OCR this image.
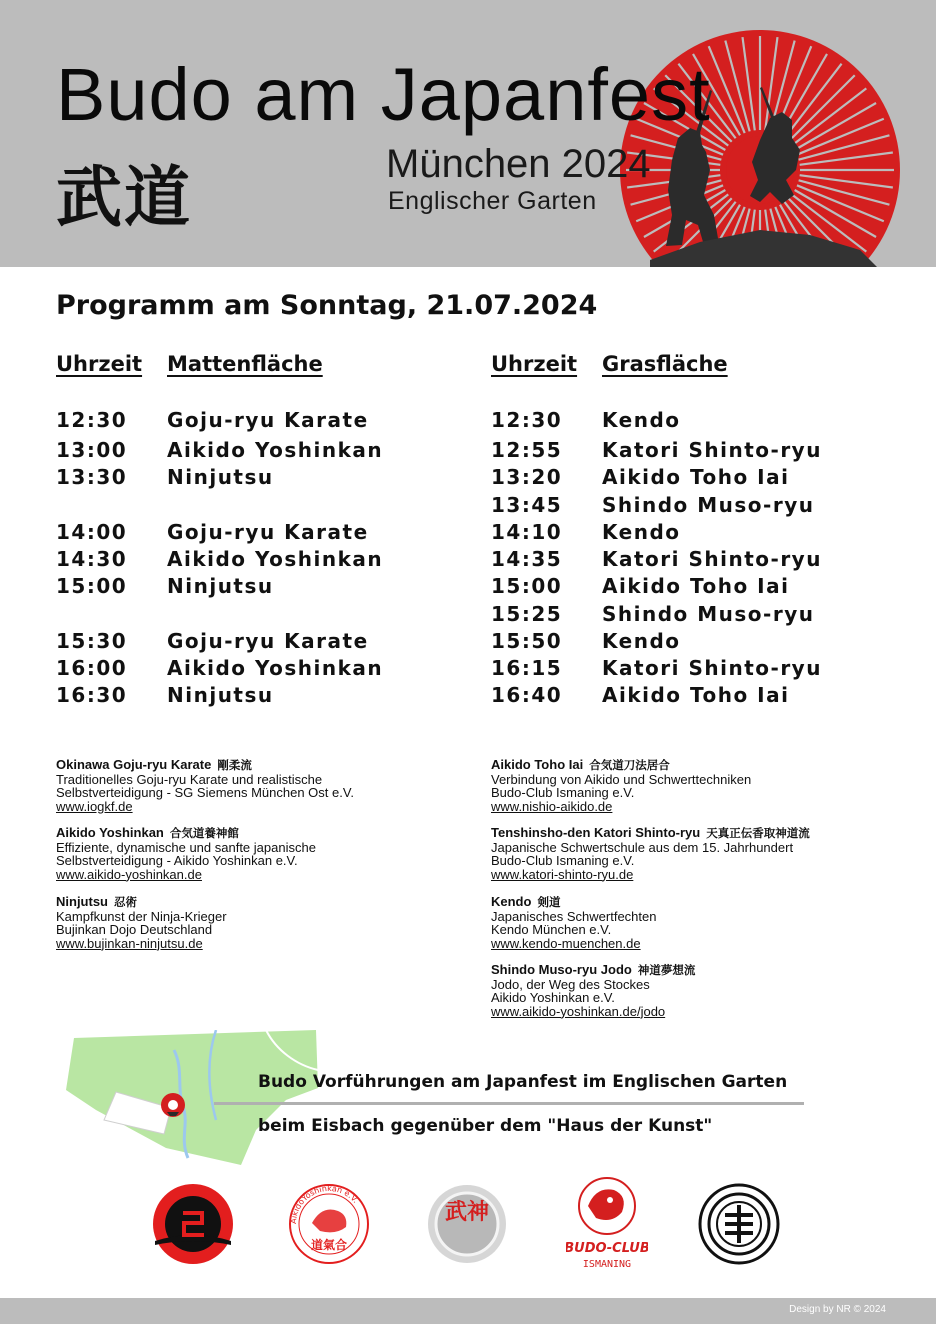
Budo am Japanfest
武道	München 2024
Englischer Garten
Programm am Sonntag, 21.07.2024
Uhrzeit Mattenfläche	Uhrzeit Grasfläche
12:30 Goju-ryu Karate
13:00 Aikido Yoshinkan
13:30 Ninjutsu
14:00 Goju-ryu Karate
14:30 Aikido Yoshinkan
15:00 Ninjutsu
15:30 Goju-ryu Karate
16:00 Aikido Yoshinkan
16:30 Ninjutsu
12:30 Kendo
12:55 Katori Shinto-ryu
13:20 Aikido Toho Iai
13:45 Shindo Muso-ryu
14:10 Kendo
14:35 Katori Shinto-ryu
15:00 Aikido Toho Iai
15:25 Shindo Muso-ryu
15:50 Kendo
16:15 Katori Shinto-ryu
16:40 Aikido Toho Iai
Okinawa Goju-ryu Karate 剛柔流
Traditionelles Goju-ryu Karate und realistische
Selbstverteidigung - SG Siemens München Ost e.V.
www.iogkf.de
Aikido Yoshinkan 合気道養神館
Effiziente, dynamische und sanfte japanische
Selbstverteidigung - Aikido Yoshinkan e.V.
www.aikido-yoshinkan.de
Ninjutsu 忍術
Kampfkunst der Ninja-Krieger
Bujinkan Dojo Deutschland
www.bujinkan-ninjutsu.de
Aikido Toho Iai 合気道刀法居合
Verbindung von Aikido und Schwerttechniken
Budo-Club Ismaning e.V.
www.nishio-aikido.de
Tenshinsho-den Katori Shinto-ryu 天真正伝香取神道流
Japanische Schwertschule aus dem 15. Jahrhundert
Budo-Club Ismaning e.V.
www.katori-shinto-ryu.de
Kendo 剣道
Japanisches Schwertfechten
Kendo München e.V.
www.kendo-muenchen.de
Shindo Muso-ryu Jodo 神道夢想流
Jodo, der Weg des Stockes
Aikido Yoshinkan e.V.
www.aikido-yoshinkan.de/jodo
Budo Vorführungen am Japanfest im Englischen Garten
beim Eisbach gegenüber dem "Haus der Kunst"
AikidoYoshinkan e.V.
道氣合
武神
BUDO-CLUB
ISMANING
Design by NR © 2024
